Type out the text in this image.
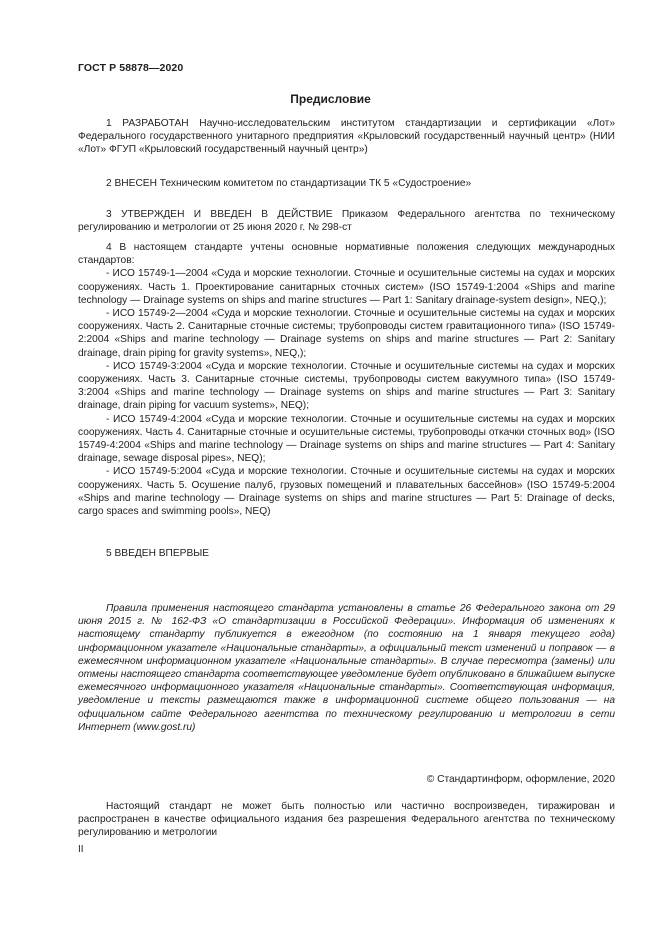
ГОСТ Р 58878—2020
Предисловие

1 РАЗРАБОТАН Научно-исследовательским институтом стандартизации и сертификации «Лот» Федерального государственного унитарного предприятия «Крыловский государственный научный центр» (НИИ «Лот» ФГУП «Крыловский государственный научный центр»)

2 ВНЕСЕН Техническим комитетом по стандартизации ТК 5 «Судостроение»

3 УТВЕРЖДЕН И ВВЕДЕН В ДЕЙСТВИЕ Приказом Федерального агентства по техническому регулированию и метрологии от 25 июня 2020 г. № 298-ст

4 В настоящем стандарте учтены основные нормативные положения следующих международных стандартов:

- ИСО 15749-1—2004 «Суда и морские технологии. Сточные и осушительные системы на судах и морских сооружениях. Часть 1. Проектирование санитарных сточных систем» (ISO 15749-1:2004 «Ships and marine technology — Drainage systems on ships and marine structures — Part 1: Sanitary drainage-system design», NEQ,);

- ИСО 15749-2—2004 «Суда и морские технологии. Сточные и осушительные системы на судах и морских сооружениях. Часть 2. Санитарные сточные системы; трубопроводы систем гравитационного типа» (ISO 15749-2:2004 «Ships and marine technology — Drainage systems on ships and marine structures — Part 2: Sanitary drainage, drain piping for gravity systems», NEQ,);

- ИСО 15749-3:2004 «Суда и морские технологии. Сточные и осушительные системы на судах и морских сооружениях. Часть 3. Санитарные сточные системы, трубопроводы систем вакуумного типа» (ISO 15749-3:2004 «Ships and marine technology — Drainage systems on ships and marine structures — Part 3: Sanitary drainage, drain piping for vacuum systems», NEQ);

- ИСО 15749-4:2004 «Суда и морские технологии. Сточные и осушительные системы на судах и морских сооружениях. Часть 4. Санитарные сточные и осушительные системы, трубопроводы откачки сточных вод» (ISO 15749-4:2004 «Ships and marine technology — Drainage systems on ships and marine structures — Part 4: Sanitary drainage, sewage disposal pipes», NEQ);

- ИСО 15749-5:2004 «Суда и морские технологии. Сточные и осушительные системы на судах и морских сооружениях. Часть 5. Осушение палуб, грузовых помещений и плавательных бассейнов» (ISO 15749-5:2004 «Ships and marine technology — Drainage systems on ships and marine structures — Part 5: Drainage of decks, cargo spaces and swimming pools», NEQ)

5 ВВЕДЕН ВПЕРВЫЕ

Правила применения настоящего стандарта установлены в статье 26 Федерального закона от 29 июня 2015 г. № 162-ФЗ «О стандартизации в Российской Федерации». Информация об изменениях к настоящему стандарту публикуется в ежегодном (по состоянию на 1 января текущего года) информационном указателе «Национальные стандарты», а официальный текст изменений и поправок — в ежемесячном информационном указателе «Национальные стандарты». В случае пересмотра (замены) или отмены настоящего стандарта соответствующее уведомление будет опубликовано в ближайшем выпуске ежемесячного информационного указателя «Национальные стандарты». Соответствующая информация, уведомление и тексты размещаются также в информационной системе общего пользования — на официальном сайте Федерального агентства по техническому регулированию и метрологии в сети Интернет (www.gost.ru)

© Стандартинформ, оформление, 2020

Настоящий стандарт не может быть полностью или частично воспроизведен, тиражирован и распространен в качестве официального издания без разрешения Федерального агентства по техническому регулированию и метрологии

II
